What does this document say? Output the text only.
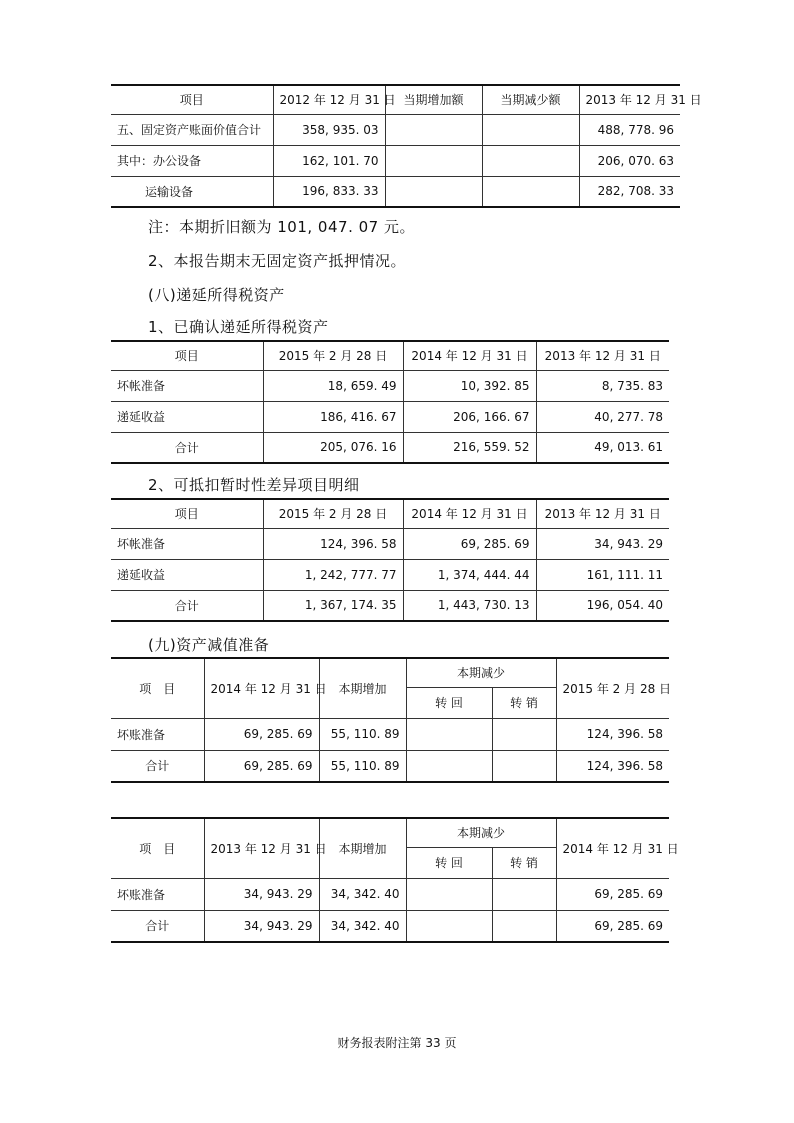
项目	2012 年 12 月 31 日	当期增加额	当期减少额	2013 年 12 月 31 日
五、固定资产账面价值合计	358, 935. 03			488, 778. 96
其中：办公设备	162, 101. 70			206, 070. 63
运输设备	196, 833. 33			282, 708. 33
注：本期折旧额为 101, 047. 07 元。
2、本报告期末无固定资产抵押情况。
(八)递延所得税资产
1、已确认递延所得税资产
项目	2015 年 2 月 28 日	2014 年 12 月 31 日	2013 年 12 月 31 日
坏帐准备	18, 659. 49	10, 392. 85	8, 735. 83
递延收益	186, 416. 67	206, 166. 67	40, 277. 78
合计	205, 076. 16	216, 559. 52	49, 013. 61
2、可抵扣暂时性差异项目明细
项目	2015 年 2 月 28 日	2014 年 12 月 31 日	2013 年 12 月 31 日
坏帐准备	124, 396. 58	69, 285. 69	34, 943. 29
递延收益	1, 242, 777. 77	1, 374, 444. 44	161, 111. 11
合计	1, 367, 174. 35	1, 443, 730. 13	196, 054. 40
(九)资产减值准备
项　目	2014 年 12 月 31 日	本期增加	本期减少		2015 年 2 月 28 日
			转 回	转 销	
坏账准备	69, 285. 69	55, 110. 89			124, 396. 58
合计	69, 285. 69	55, 110. 89			124, 396. 58
项　目	2013 年 12 月 31 日	本期增加	本期减少		2014 年 12 月 31 日
			转 回	转 销	
坏账准备	34, 943. 29	34, 342. 40			69, 285. 69
合计	34, 943. 29	34, 342. 40			69, 285. 69
财务报表附注第 33 页
